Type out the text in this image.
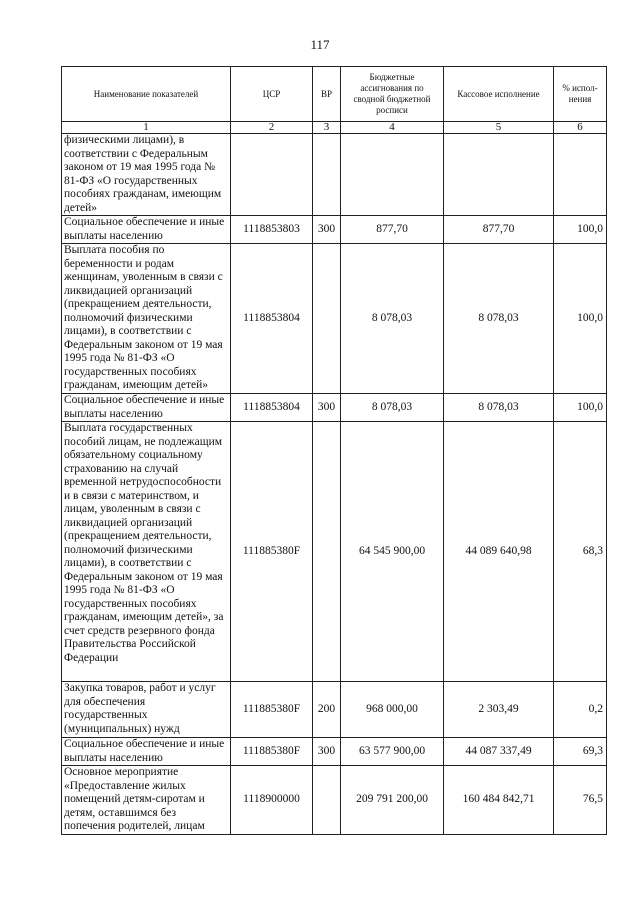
117
Наименование показателей	ЦСР	ВР	Бюджетные ассигнования по сводной бюджетной росписи	Кассовое исполнение	% испол-нения
1	2	3	4	5	6
физическими лицами), в соответствии с Федеральным законом от 19 мая 1995 года № 81-ФЗ «О государственных пособиях гражданам, имеющим детей»					
Социальное обеспечение и иные выплаты населению	1118853803	300	877,70	877,70	100,0
Выплата пособия по беременности и родам женщинам, уволенным в связи с ликвидацией организаций (прекращением деятельности, полномочий физическими лицами), в соответствии с Федеральным законом от 19 мая 1995 года № 81-ФЗ «О государственных пособиях гражданам, имеющим детей»	1118853804		8 078,03	8 078,03	100,0
Социальное обеспечение и иные выплаты населению	1118853804	300	8 078,03	8 078,03	100,0
Выплата государственных пособий лицам, не подлежащим обязательному социальному страхованию на случай временной нетрудоспособности и в связи с материнством, и лицам, уволенным в связи с ликвидацией организаций (прекращением деятельности, полномочий физическими лицами), в соответствии с Федеральным законом от 19 мая 1995 года № 81-ФЗ «О государственных пособиях гражданам, имеющим детей», за счет средств резервного фонда Правительства Российской Федерации	111885380F		64 545 900,00	44 089 640,98	68,3
Закупка товаров, работ и услуг для обеспечения государственных (муниципальных) нужд	111885380F	200	968 000,00	2 303,49	0,2
Социальное обеспечение и иные выплаты населению	111885380F	300	63 577 900,00	44 087 337,49	69,3
Основное мероприятие «Предоставление жилых помещений детям-сиротам и детям, оставшимся без попечения родителей, лицам	1118900000		209 791 200,00	160 484 842,71	76,5
